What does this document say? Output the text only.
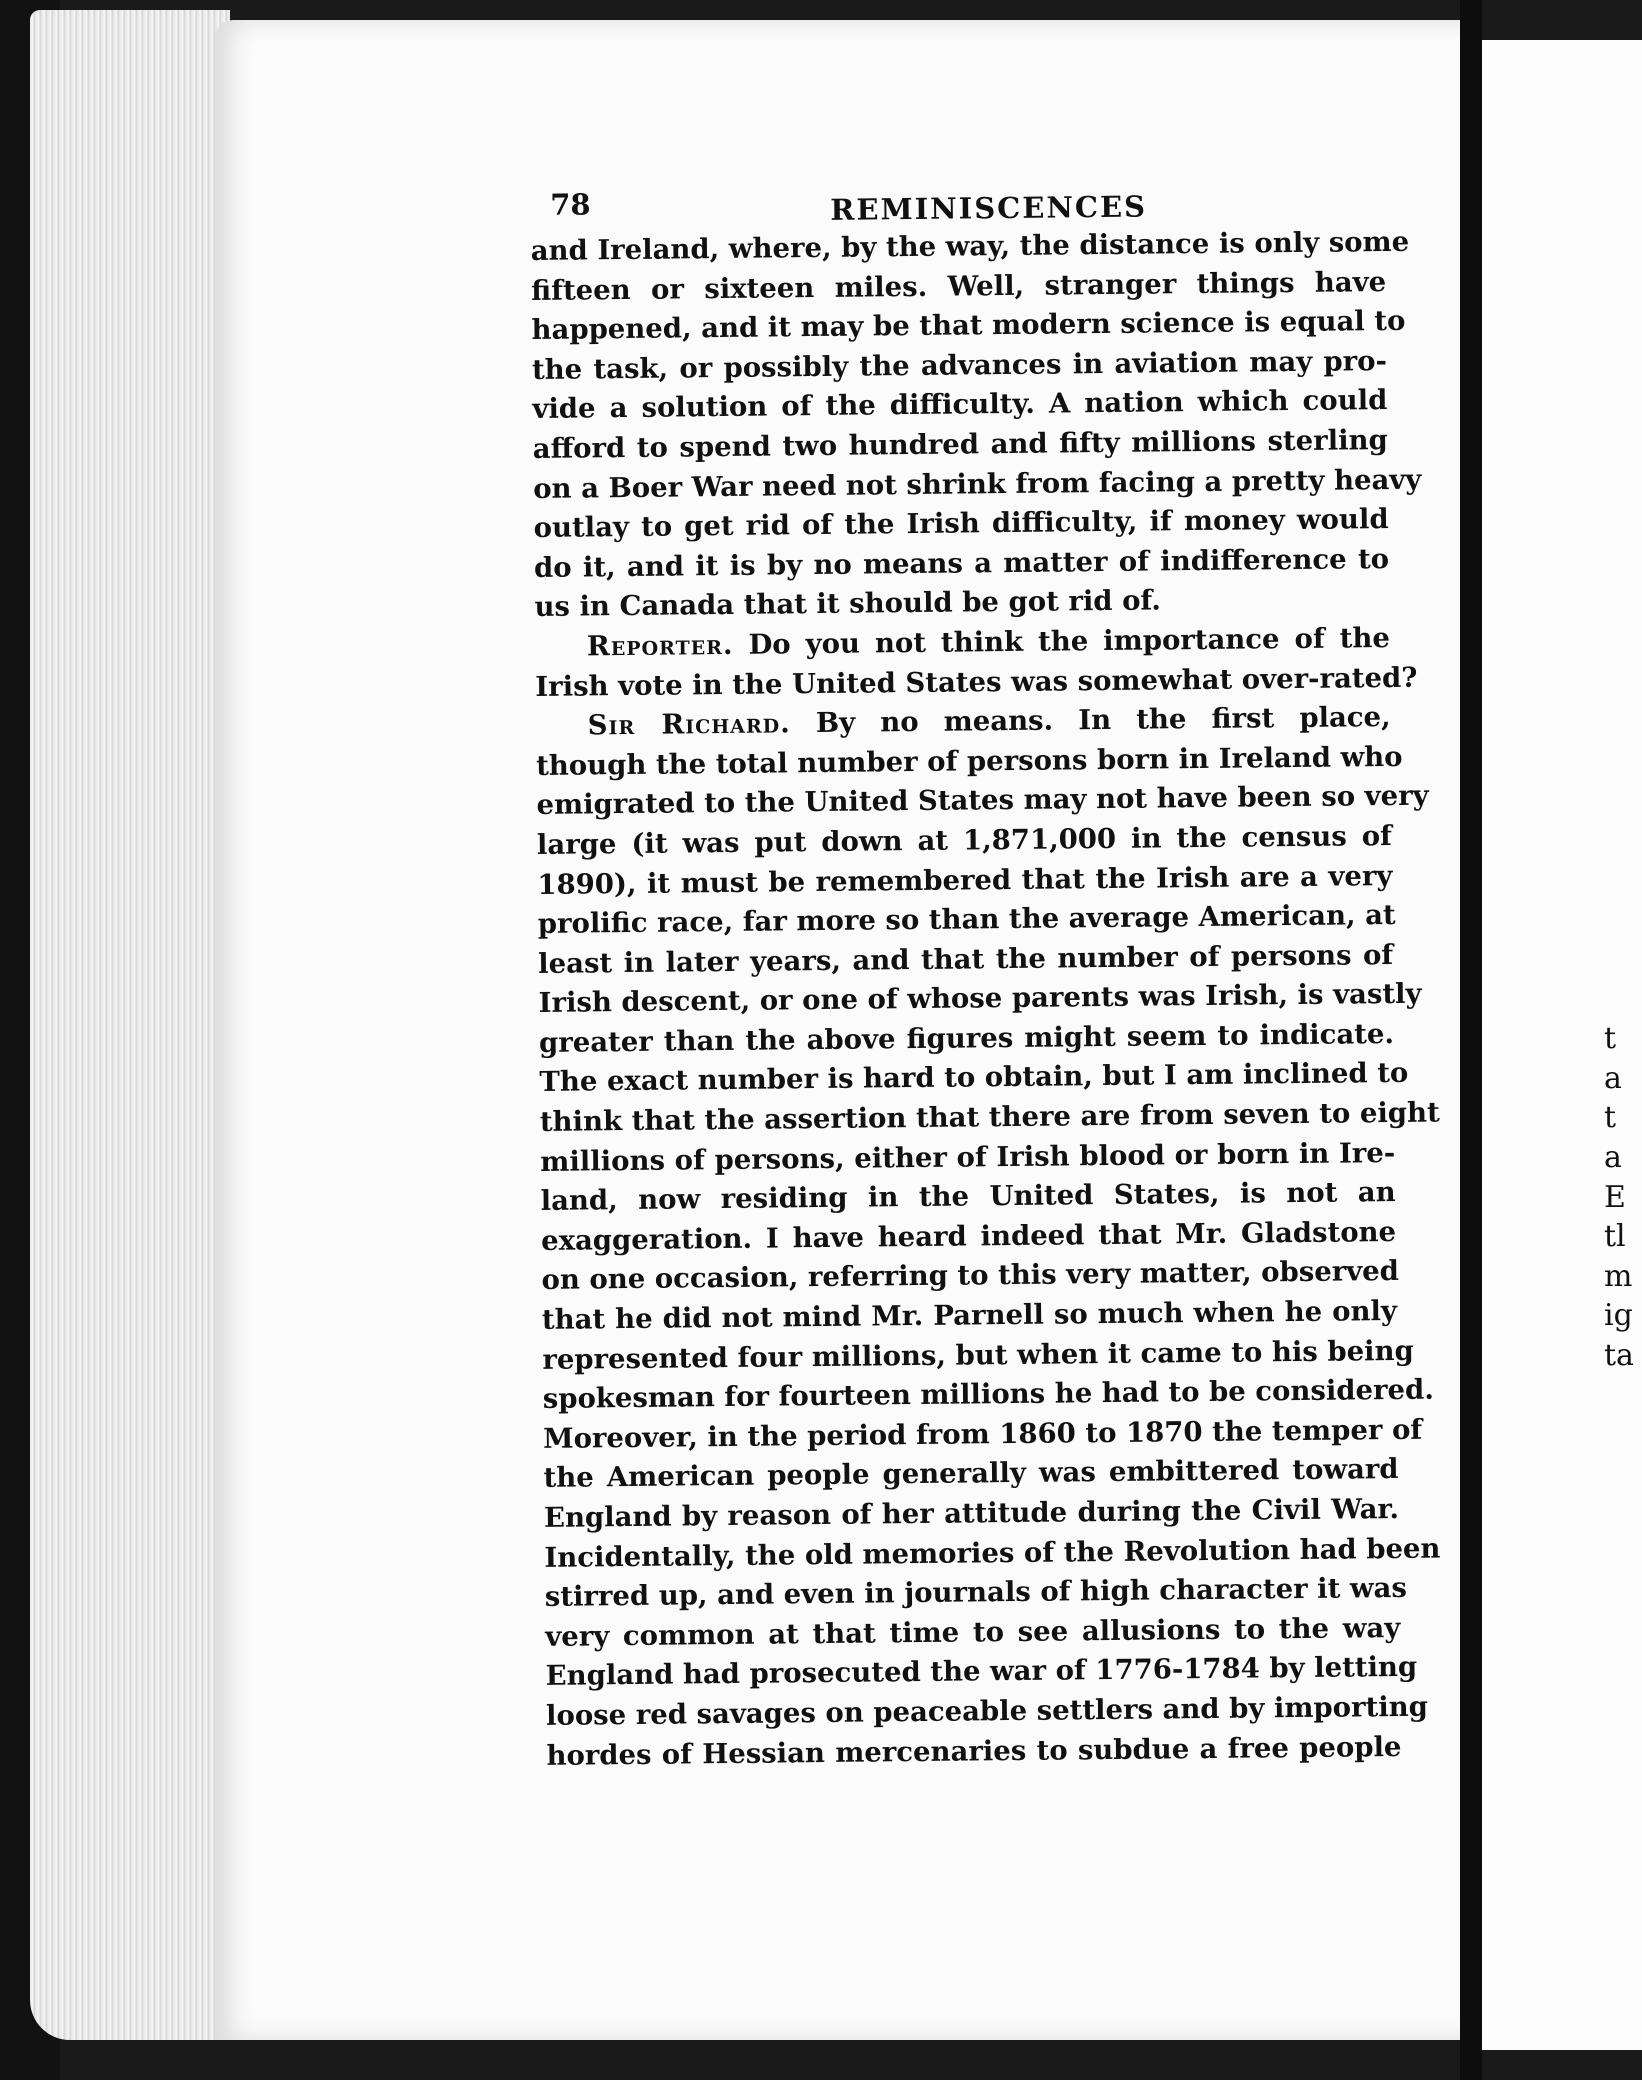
t
a
t
a
E
tl
m
ig
ta
78	REMINISCENCES
and Ireland, where, by the way, the distance is only some
fifteen or sixteen miles. Well, stranger things have
happened, and it may be that modern science is equal to
the task, or possibly the advances in aviation may pro-
vide a solution of the difficulty. A nation which could
afford to spend two hundred and fifty millions sterling
on a Boer War need not shrink from facing a pretty heavy
outlay to get rid of the Irish difficulty, if money would
do it, and it is by no means a matter of indifference to
us in Canada that it should be got rid of.
Reporter. Do you not think the importance of the
Irish vote in the United States was somewhat over-rated?
Sir Richard. By no means. In the first place,
though the total number of persons born in Ireland who
emigrated to the United States may not have been so very
large (it was put down at 1,871,000 in the census of
1890), it must be remembered that the Irish are a very
prolific race, far more so than the average American, at
least in later years, and that the number of persons of
Irish descent, or one of whose parents was Irish, is vastly
greater than the above figures might seem to indicate.
The exact number is hard to obtain, but I am inclined to
think that the assertion that there are from seven to eight
millions of persons, either of Irish blood or born in Ire-
land, now residing in the United States, is not an
exaggeration. I have heard indeed that Mr. Gladstone
on one occasion, referring to this very matter, observed
that he did not mind Mr. Parnell so much when he only
represented four millions, but when it came to his being
spokesman for fourteen millions he had to be considered.
Moreover, in the period from 1860 to 1870 the temper of
the American people generally was embittered toward
England by reason of her attitude during the Civil War.
Incidentally, the old memories of the Revolution had been
stirred up, and even in journals of high character it was
very common at that time to see allusions to the way
England had prosecuted the war of 1776-1784 by letting
loose red savages on peaceable settlers and by importing
hordes of Hessian mercenaries to subdue a free people
